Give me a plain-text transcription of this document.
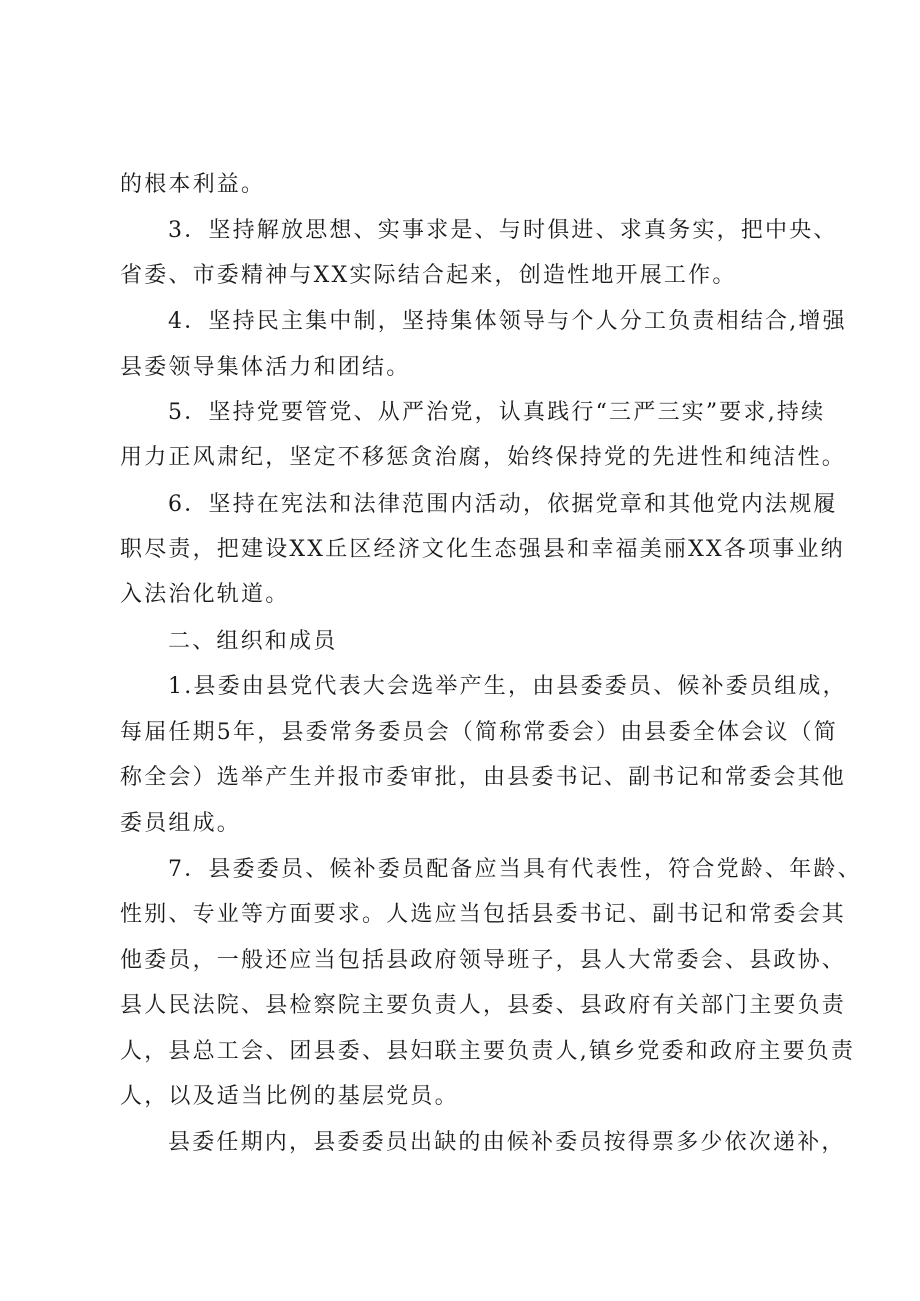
的根本利益。
3．坚持解放思想、实事求是、与时俱进、求真务实，把中央、
省委、市委精神与XX实际结合起来，创造性地开展工作。
4．坚持民主集中制，坚持集体领导与个人分工负责相结合,增强
县委领导集体活力和团结。
5．坚持党要管党、从严治党，认真践行“三严三实”要求,持续
用力正风肃纪，坚定不移惩贪治腐，始终保持党的先进性和纯洁性。
6．坚持在宪法和法律范围内活动，依据党章和其他党内法规履
职尽责，把建设XX丘区经济文化生态强县和幸福美丽XX各项事业纳
入法治化轨道。
二、组织和成员
1.县委由县党代表大会选举产生，由县委委员、候补委员组成，
每届任期5年，县委常务委员会（简称常委会）由县委全体会议（简
称全会）选举产生并报市委审批，由县委书记、副书记和常委会其他
委员组成。
7．县委委员、候补委员配备应当具有代表性，符合党龄、年龄、
性别、专业等方面要求。人选应当包括县委书记、副书记和常委会其
他委员，一般还应当包括县政府领导班子，县人大常委会、县政协、
县人民法院、县检察院主要负责人，县委、县政府有关部门主要负责
人，县总工会、团县委、县妇联主要负责人,镇乡党委和政府主要负责
人，以及适当比例的基层党员。
县委任期内，县委委员出缺的由候补委员按得票多少依次递补，
